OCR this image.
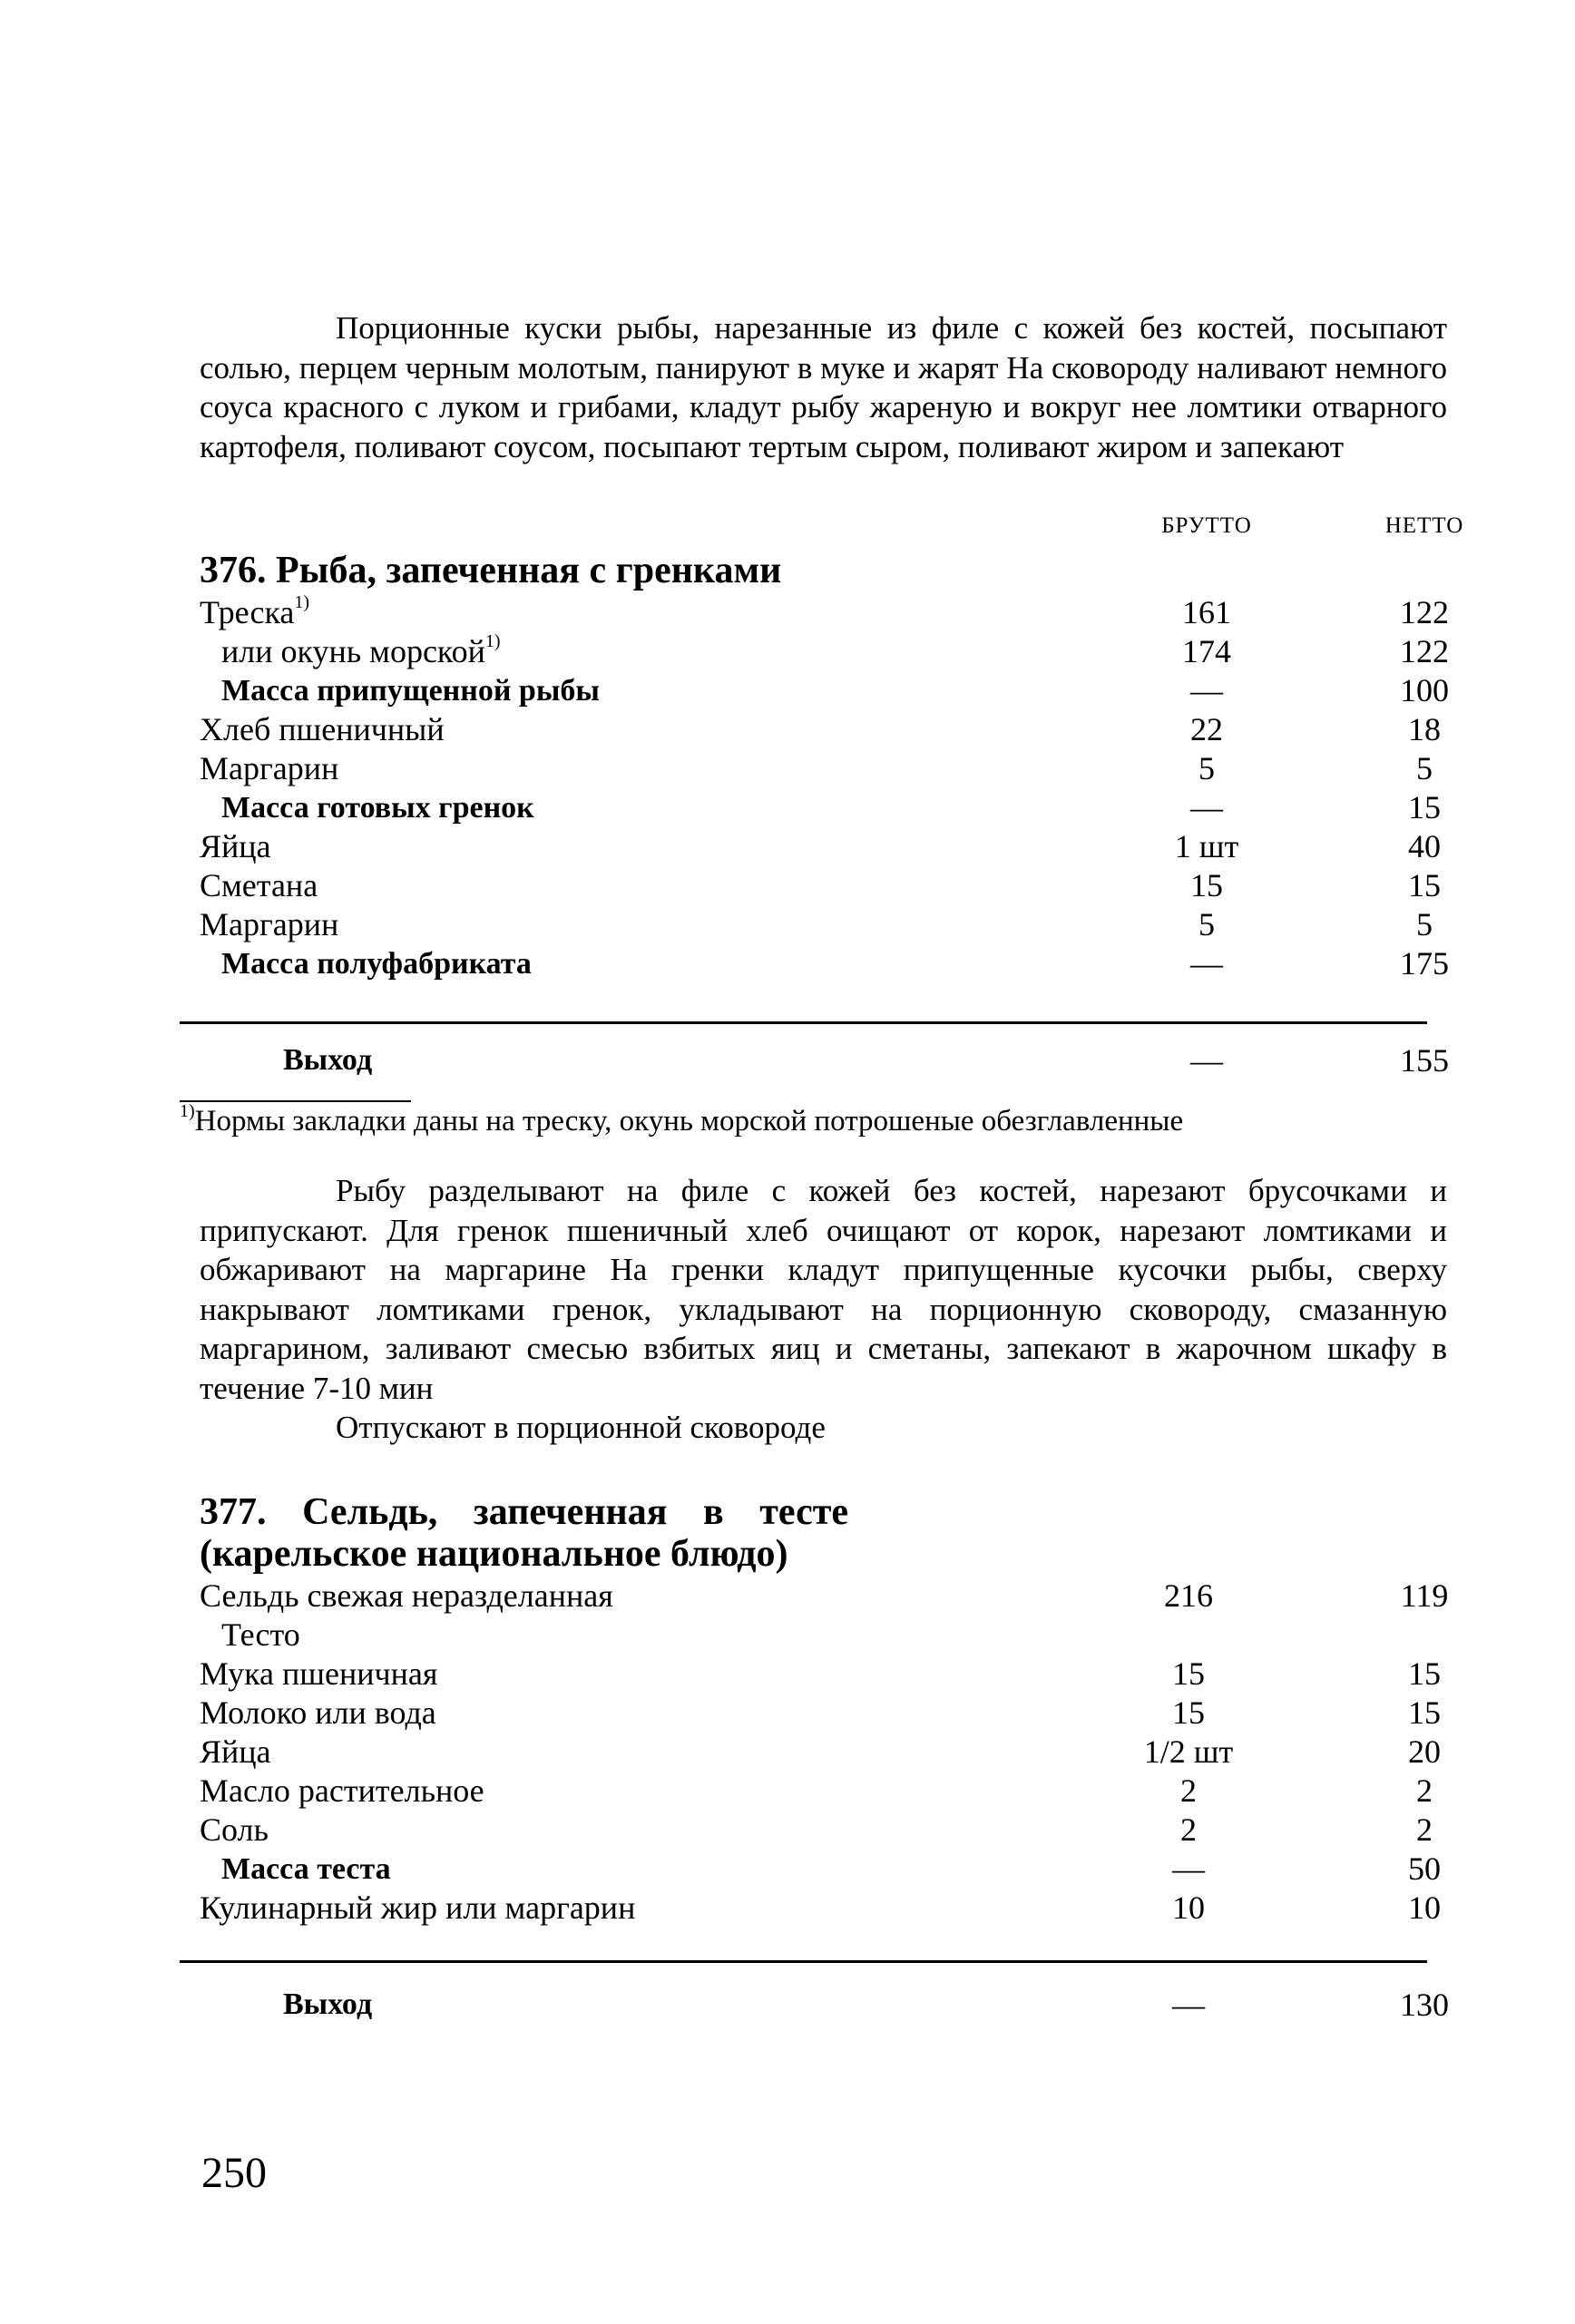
Порционные куски рыбы, нарезанные из филе с кожей без костей, посыпают солью, перцем черным молотым, панируют в муке и жарят На сковороду наливают немного соуса красного с луком и грибами, кладут рыбу жареную и вокруг нее ломтики отварного картофеля, поливают соусом, посыпают тертым сыром, поливают жиром и запекают

БРУТТО	НЕТТО
376. Рыба, запеченная с гренками
Треска$^{1)}$	161	122
или окунь морской$^{1)}$	174	122
Масса припущенной рыбы	—	100
Хлеб пшеничный	22	18
Маргарин	5	5
Масса готовых гренок	—	15
Яйца	1 шт	40
Сметана	15	15
Маргарин	5	5
Масса полуфабриката	—	175
Выход	—	155

$^{1)}$Нормы закладки даны на треску, окунь морской потрошеные обезглавленные

Рыбу разделывают на филе с кожей без костей, нарезают брусочками и припускают. Для гренок пшеничный хлеб очищают от корок, нарезают ломтиками и обжаривают на маргарине На гренки кладут припущенные кусочки рыбы, сверху накрывают ломтиками гренок, укладывают на порционную сковороду, смазанную маргарином, заливают смесью взбитых яиц и сметаны, запекают в жарочном шкафу в течение 7-10 мин

Отпускают в порционной сковороде

377. Сельдь, запеченная в тесте
(карельское национальное блюдо)
Сельдь свежая неразделанная	216	119
Тесто
Мука пшеничная	15	15
Молоко или вода	15	15
Яйца	1/2 шт	20
Масло растительное	2	2
Соль	2	2
Масса теста	—	50
Кулинарный жир или маргарин	10	10
Выход	—	130
250
